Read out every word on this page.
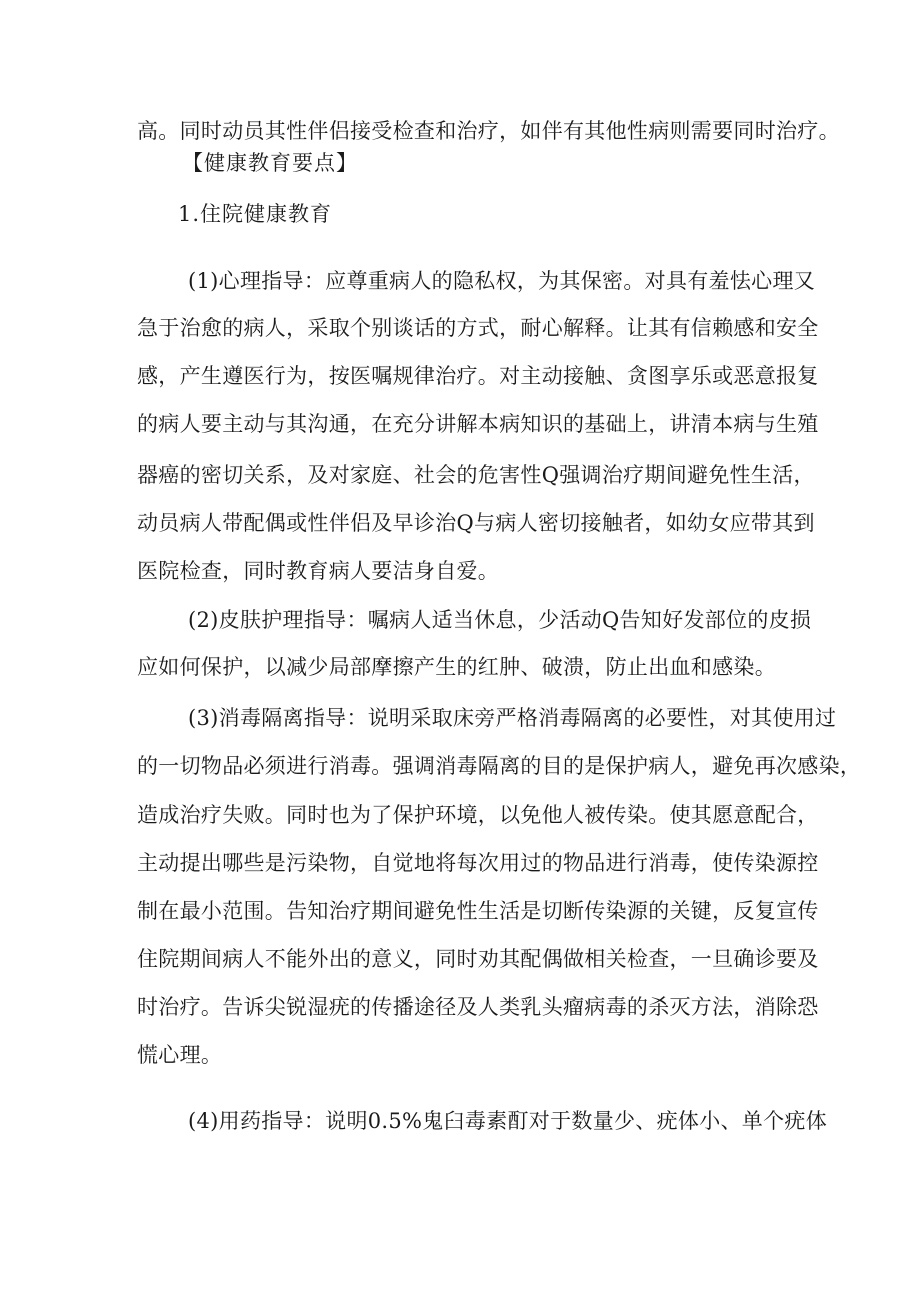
高。同时动员其性伴侣接受检查和治疗，如伴有其他性病则需要同时治疗。
【健康教育要点】
1.住院健康教育
(1)心理指导：应尊重病人的隐私权，为其保密。对具有羞怯心理又
急于治愈的病人，采取个别谈话的方式，耐心解释。让其有信赖感和安全
感，产生遵医行为，按医嘱规律治疗。对主动接触、贪图享乐或恶意报复
的病人要主动与其沟通，在充分讲解本病知识的基础上，讲清本病与生殖
器癌的密切关系，及对家庭、社会的危害性Q强调治疗期间避免性生活，
动员病人带配偶或性伴侣及早诊治Q与病人密切接触者，如幼女应带其到
医院检查，同时教育病人要洁身自爱。
(2)皮肤护理指导：嘱病人适当休息，少活动Q告知好发部位的皮损
应如何保护，以减少局部摩擦产生的红肿、破溃，防止出血和感染。
(3)消毒隔离指导：说明采取床旁严格消毒隔离的必要性，对其使用过
的一切物品必须进行消毒。强调消毒隔离的目的是保护病人，避免再次感染，
造成治疗失败。同时也为了保护环境，以免他人被传染。使其愿意配合，
主动提出哪些是污染物，自觉地将每次用过的物品进行消毒，使传染源控
制在最小范围。告知治疗期间避免性生活是切断传染源的关键，反复宣传
住院期间病人不能外出的意义，同时劝其配偶做相关检查，一旦确诊要及
时治疗。告诉尖锐湿疣的传播途径及人类乳头瘤病毒的杀灭方法，消除恐
慌心理。
(4)用药指导：说明0.5%鬼臼毒素酊对于数量少、疣体小、单个疣体
